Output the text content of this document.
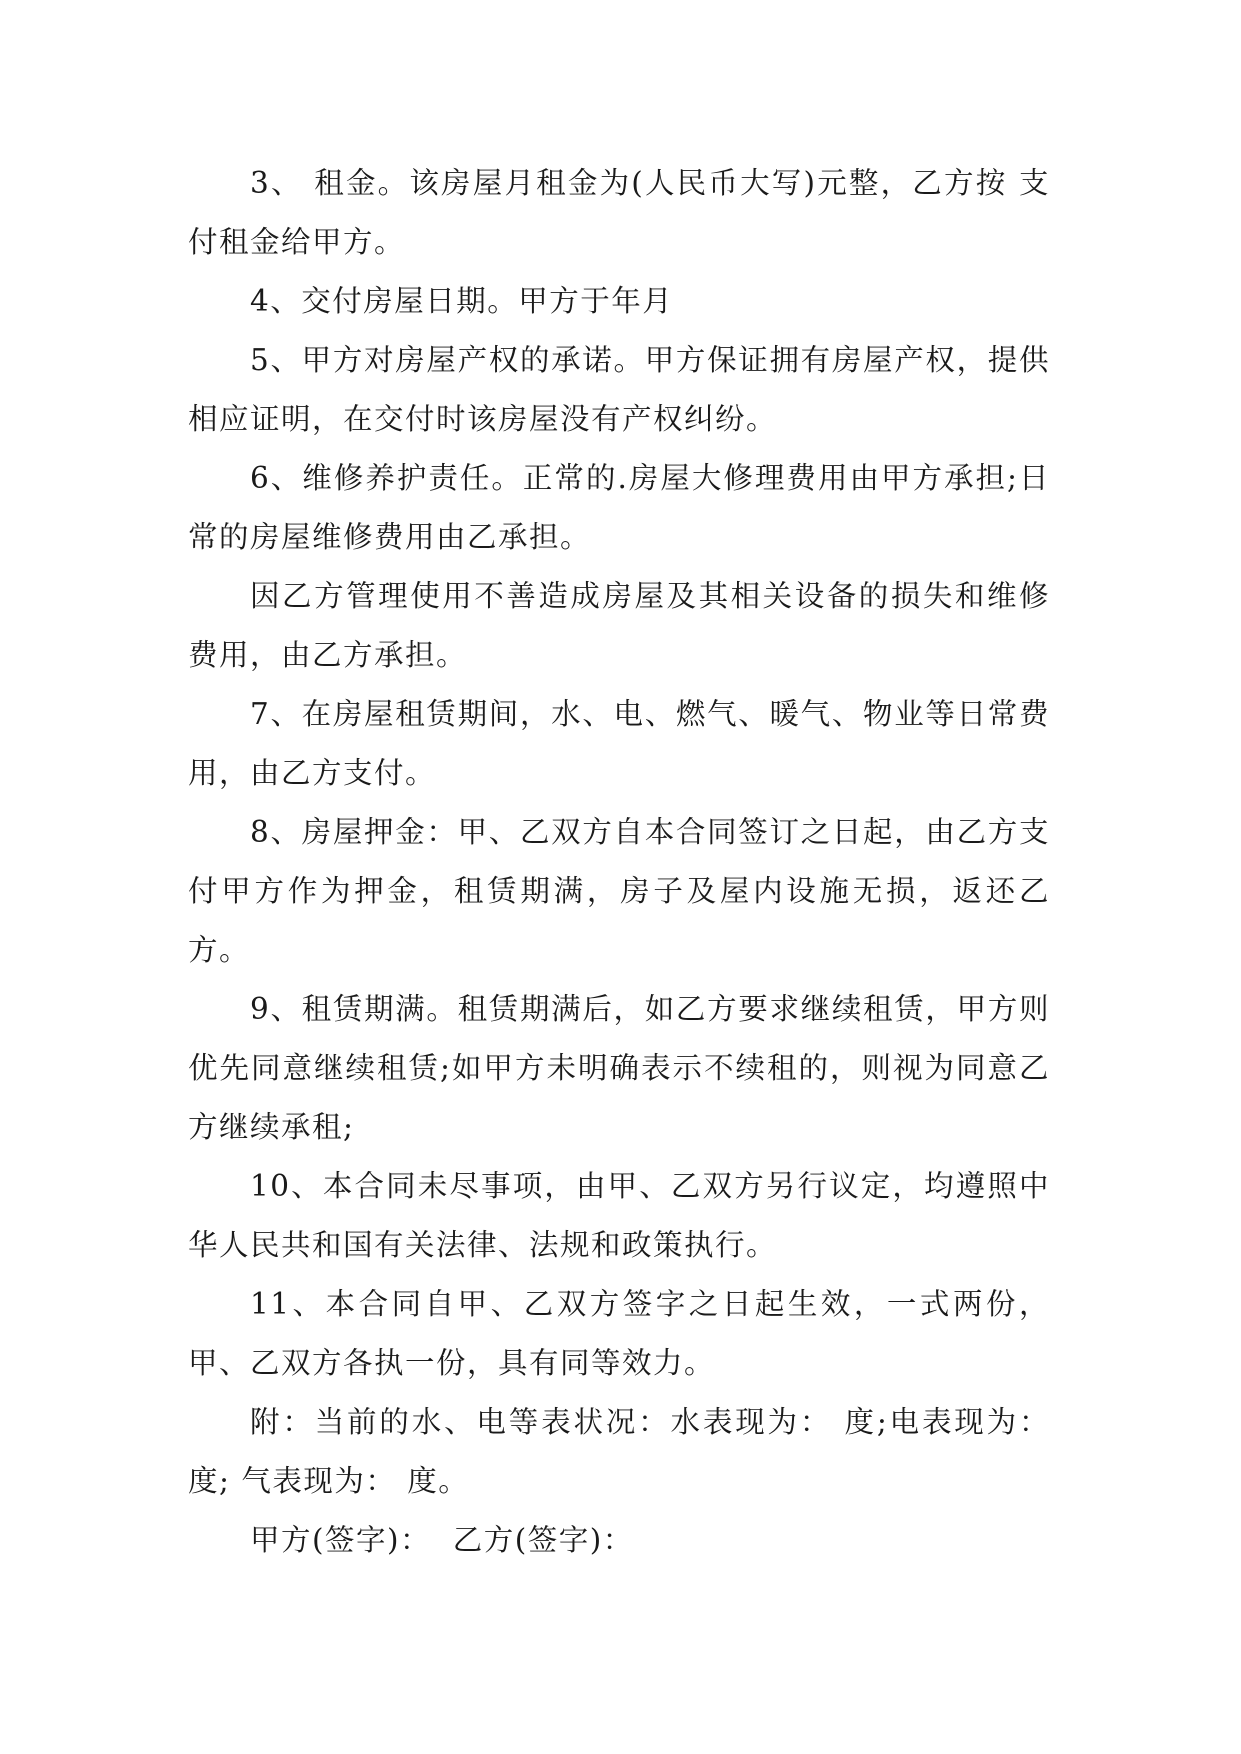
3、 租金。该房屋月租金为(人民币大写)元整，乙方按 支付租金给甲方。

4、交付房屋日期。甲方于年月

5、甲方对房屋产权的承诺。甲方保证拥有房屋产权，提供相应证明，在交付时该房屋没有产权纠纷。

6、维修养护责任。正常的.房屋大修理费用由甲方承担;日常的房屋维修费用由乙承担。

因乙方管理使用不善造成房屋及其相关设备的损失和维修费用，由乙方承担。

7、在房屋租赁期间，水、电、燃气、暖气、物业等日常费用，由乙方支付。

8、房屋押金：甲、乙双方自本合同签订之日起，由乙方支付甲方作为押金，租赁期满，房子及屋内设施无损，返还乙方。

9、租赁期满。租赁期满后，如乙方要求继续租赁，甲方则优先同意继续租赁;如甲方未明确表示不续租的，则视为同意乙方继续承租;

10、本合同未尽事项，由甲、乙双方另行议定，均遵照中华人民共和国有关法律、法规和政策执行。

11、本合同自甲、乙双方签字之日起生效，一式两份，甲、乙双方各执一份，具有同等效力。

附：当前的水、电等表状况：水表现为： 度;电表现为：度; 气表现为： 度。

甲方(签字)：  乙方(签字)：
